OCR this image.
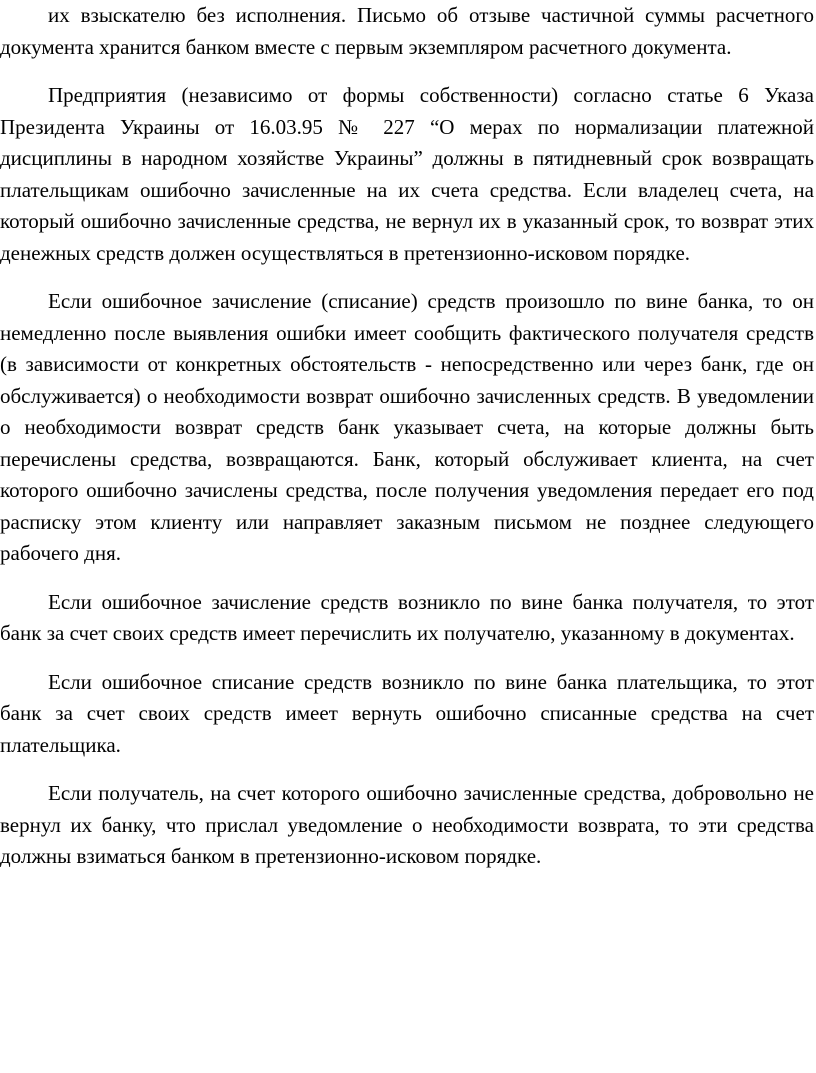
их взыскателю без исполнения. Письмо об отзыве частичной суммы расчетного документа хранится банком вместе с первым экземпляром расчетного документа.

Предприятия (независимо от формы собственности) согласно статье 6 Указа Президента Украины от 16.03.95 № 227 “О мерах по нормализации платежной дисциплины в народном хозяйстве Украины” должны в пятидневный срок возвращать плательщикам ошибочно зачисленные на их счета средства. Если владелец счета, на который ошибочно зачисленные средства, не вернул их в указанный срок, то возврат этих денежных средств должен осуществляться в претензионно-исковом порядке.

Если ошибочное зачисление (списание) средств произошло по вине банка, то он немедленно после выявления ошибки имеет сообщить фактического получателя средств (в зависимости от конкретных обстоятельств - непосредственно или через банк, где он обслуживается) о необходимости возврат ошибочно зачисленных средств. В уведомлении о необходимости возврат средств банк указывает счета, на которые должны быть перечислены средства, возвращаются. Банк, который обслуживает клиента, на счет которого ошибочно зачислены средства, после получения уведомления передает его под расписку этом клиенту или направляет заказным письмом не позднее следующего рабочего дня.

Если ошибочное зачисление средств возникло по вине банка получателя, то этот банк за счет своих средств имеет перечислить их получателю, указанному в документах.

Если ошибочное списание средств возникло по вине банка плательщика, то этот банк за счет своих средств имеет вернуть ошибочно списанные средства на счет плательщика.

Если получатель, на счет которого ошибочно зачисленные средства, добровольно не вернул их банку, что прислал уведомление о необходимости возврата, то эти средства должны взиматься банком в претензионно-исковом порядке.
